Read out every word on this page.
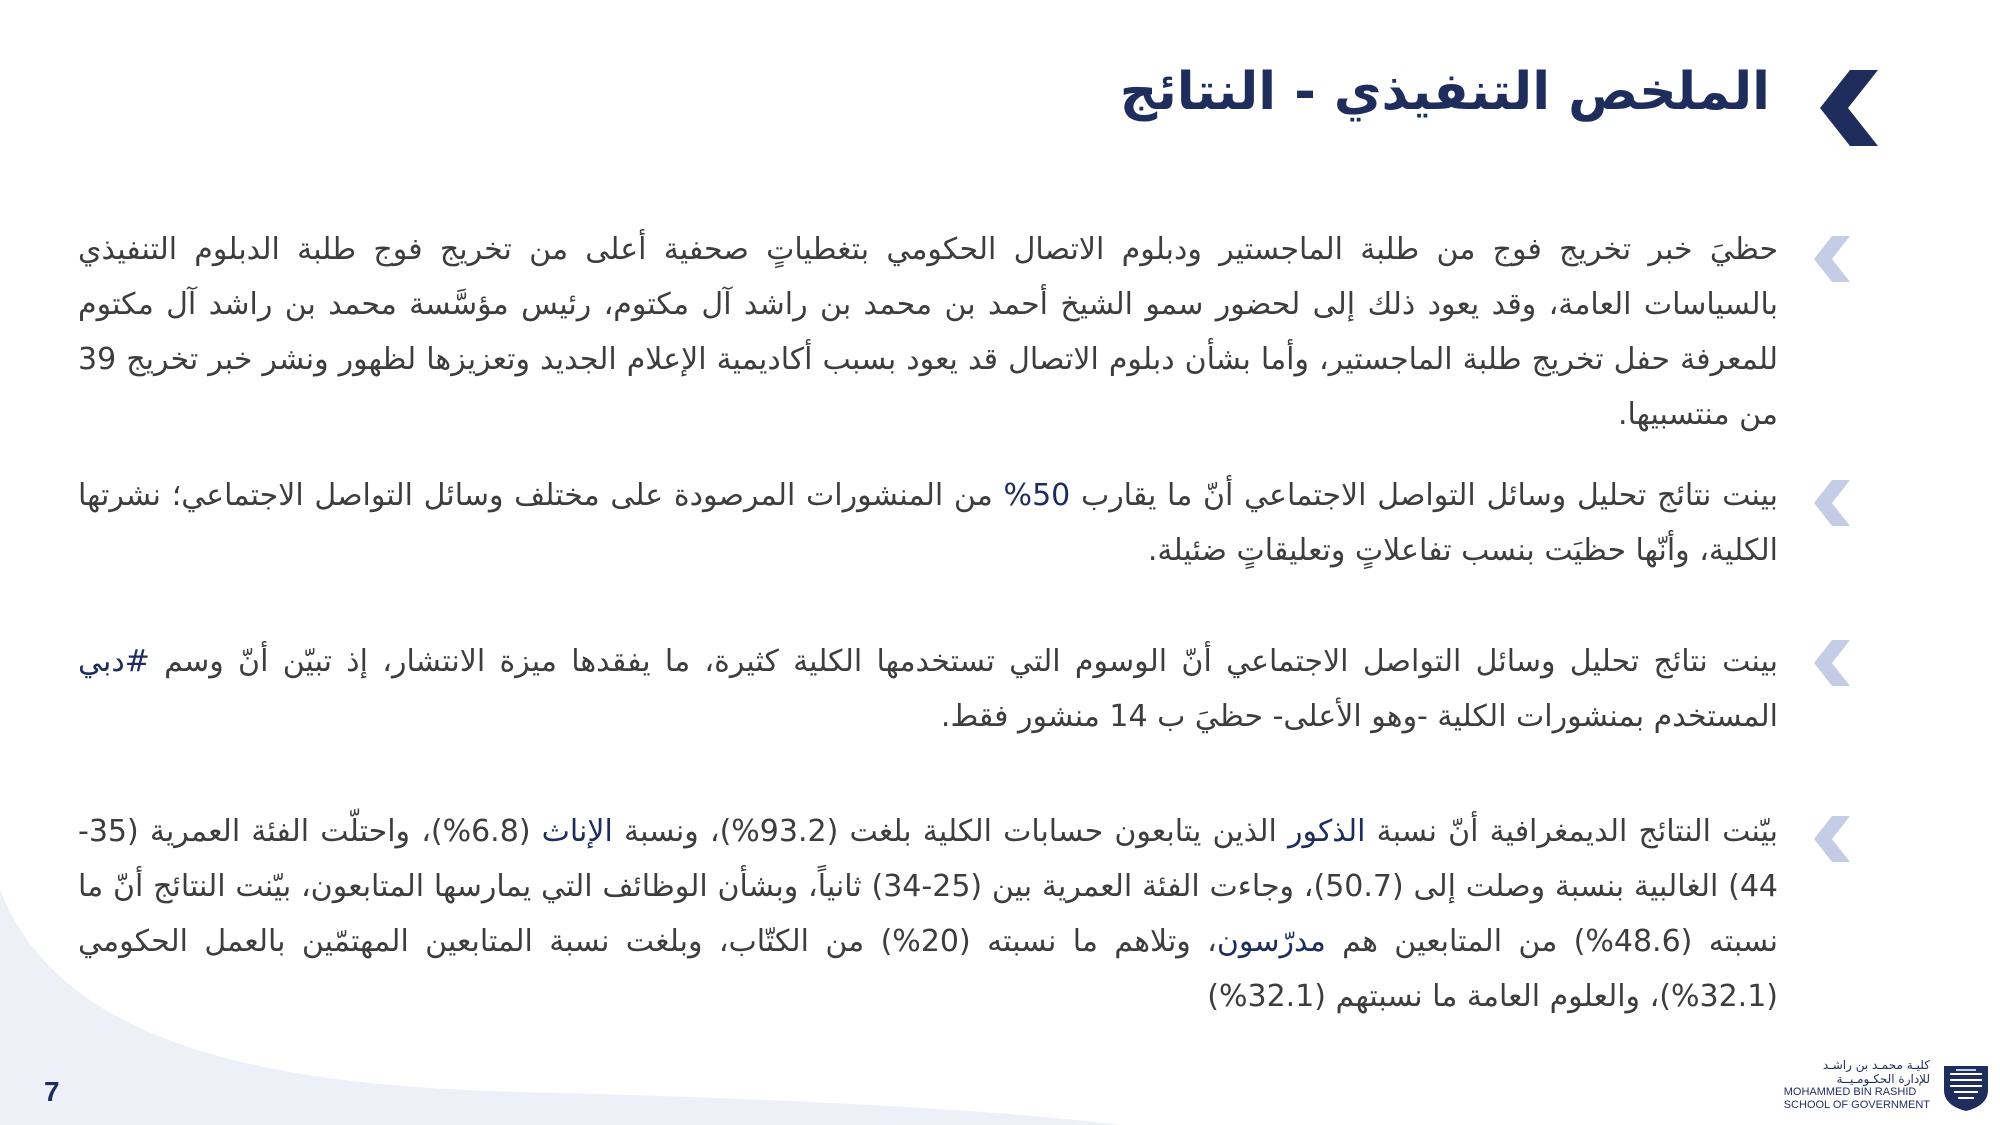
الملخص التنفيذي - النتائج
حظيَ خبر تخريج فوج من طلبة الماجستير ودبلوم الاتصال الحكومي بتغطياتٍ صحفية أعلى من تخريج فوج طلبة الدبلوم التنفيذي بالسياسات العامة، وقد يعود ذلك إلى لحضور سمو الشيخ أحمد بن محمد بن راشد آل مكتوم، رئيس مؤسَّسة محمد بن راشد آل مكتوم للمعرفة حفل تخريج طلبة الماجستير، وأما بشأن دبلوم الاتصال قد يعود بسبب أكاديمية الإعلام الجديد وتعزيزها لظهور ونشر خبر تخريج 39 من منتسبيها.
بينت نتائج تحليل وسائل التواصل الاجتماعي أنّ ما يقارب 50% من المنشورات المرصودة على مختلف وسائل التواصل الاجتماعي؛ نشرتها الكلية، وأنّها حظيَت بنسب تفاعلاتٍ وتعليقاتٍ ضئيلة.
بينت نتائج تحليل وسائل التواصل الاجتماعي أنّ الوسوم التي تستخدمها الكلية كثيرة، ما يفقدها ميزة الانتشار، إذ تبيّن أنّ وسم #دبي المستخدم بمنشورات الكلية -وهو الأعلى- حظيَ ب 14 منشور فقط.
بيّنت النتائج الديمغرافية أنّ نسبة الذكور الذين يتابعون حسابات الكلية بلغت (93.2%)، ونسبة الإناث (6.8%)، واحتلّت الفئة العمرية (35-44) الغالبية بنسبة وصلت إلى (50.7)، وجاءت الفئة العمرية بين (25-34) ثانياً، وبشأن الوظائف التي يمارسها المتابعون، بيّنت النتائج أنّ ما نسبته (48.6%) من المتابعين هم مدرّسون، وتلاهم ما نسبته (20%) من الكتّاب، وبلغت نسبة المتابعين المهتمّين بالعمل الحكومي (32.1%)، والعلوم العامة ما نسبتهم (32.1%)
7
كليـة محمـد بن راشـد
للإدارة الحكـومـيــة
MOHAMMED BIN RASHID
SCHOOL OF GOVERNMENT
